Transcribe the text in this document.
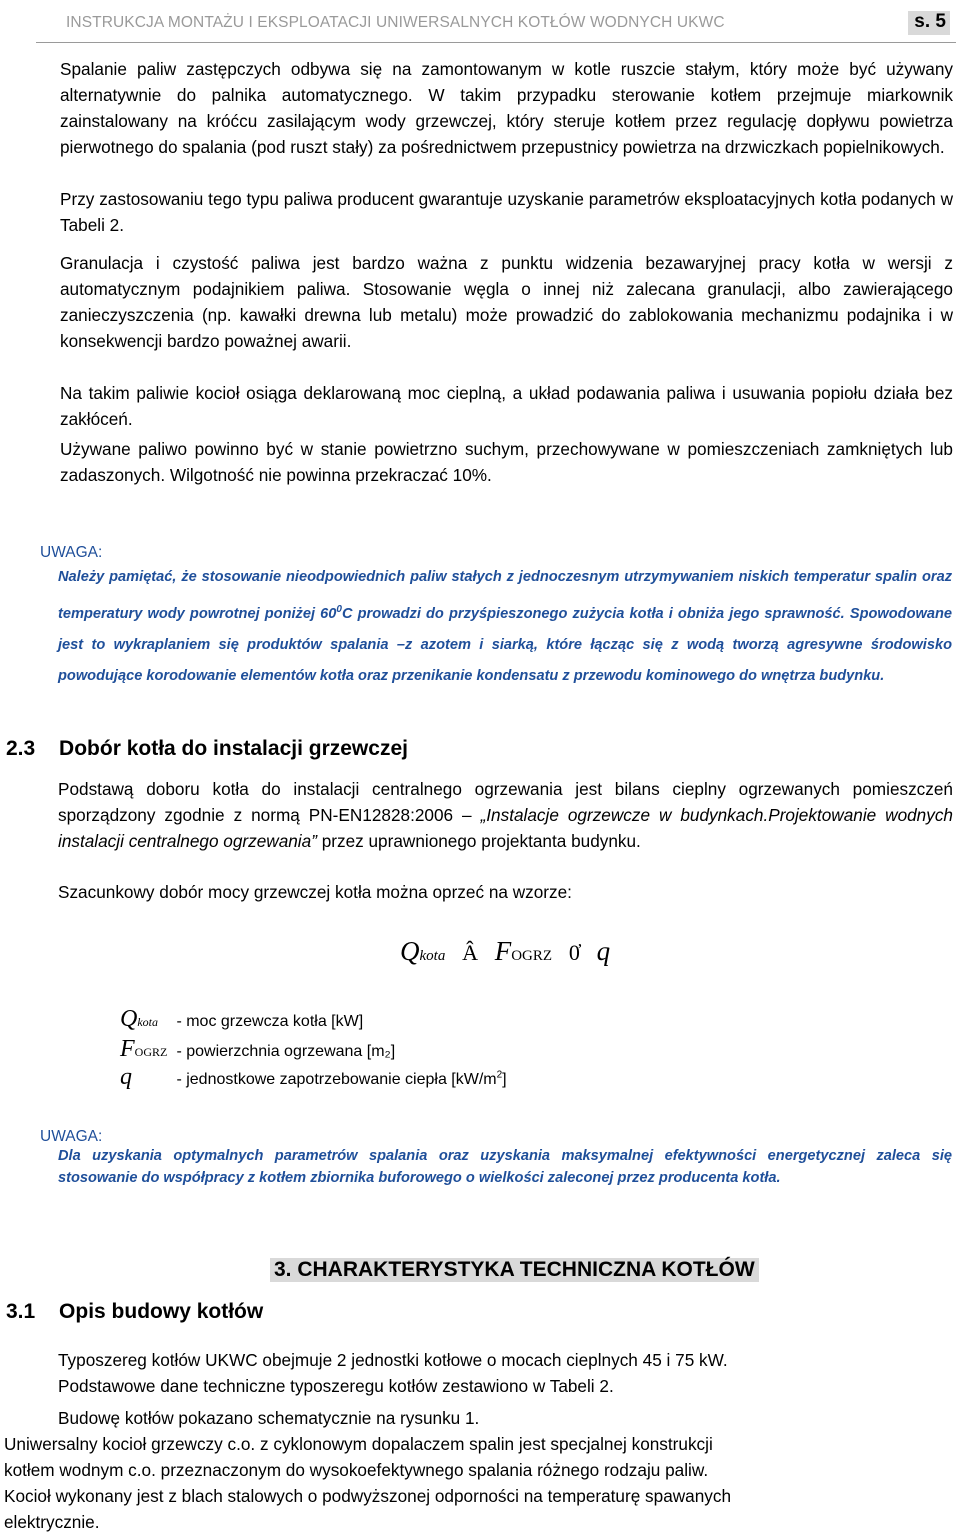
INSTRUKCJA MONTAŻU I EKSPLOATACJI UNIWERSALNYCH KOTŁÓW WODNYCH UKWC	s. 5

Spalanie paliw zastępczych odbywa się na zamontowanym w kotle ruszcie stałym, który może być używany alternatywnie do palnika automatycznego. W takim przypadku sterowanie kotłem przejmuje miarkownik zainstalowany na króćcu zasilającym wody grzewczej, który steruje kotłem przez regulację dopływu powietrza pierwotnego do spalania (pod ruszt stały) za pośrednictwem przepustnicy powietrza na drzwiczkach popielnikowych.

Przy zastosowaniu tego typu paliwa producent gwarantuje uzyskanie parametrów eksploatacyjnych kotła podanych w Tabeli 2.

Granulacja i czystość paliwa jest bardzo ważna z punktu widzenia bezawaryjnej pracy kotła w wersji z automatycznym podajnikiem paliwa. Stosowanie węgla o innej niż zalecana granulacji, albo zawierającego zanieczyszczenia (np. kawałki drewna lub metalu) może prowadzić do zablokowania mechanizmu podajnika i w konsekwencji bardzo poważnej awarii.

Na takim paliwie kocioł osiąga deklarowaną moc cieplną, a układ podawania paliwa i usuwania popiołu działa bez zakłóceń.

Używane paliwo powinno być w stanie powietrzno suchym, przechowywane w pomieszczeniach zamkniętych lub zadaszonych. Wilgotność nie powinna przekraczać 10%.

UWAGA:

Należy pamiętać, że stosowanie nieodpowiednich paliw stałych z jednoczesnym utrzymywaniem niskich temperatur spalin oraz temperatury wody powrotnej poniżej $60^0C$ prowadzi do przyśpieszonego zużycia kotła i obniża jego sprawność. Spowodowane jest to wykraplaniem się produktów spalania –z azotem i siarką, które łącząc się z wodą tworzą agresywne środowisko powodujące korodowanie elementów kotła oraz przenikanie kondensatu z przewodu kominowego do wnętrza budynku.

2.3 Dobór kotła do instalacji grzewczej

Podstawą doboru kotła do instalacji centralnego ogrzewania jest bilans cieplny ogrzewanych pomieszczeń sporządzony zgodnie z normą PN-EN12828:2006 – „Instalacje ogrzewcze w budynkach.Projektowanie wodnych instalacji centralnego ogrzewania” przez uprawnionego projektanta budynku.

Szacunkowy dobór mocy grzewczej kotła można oprzeć na wzorze:

Qkota Â FOGRZ 0̓ q
Qkota - moc grzewcza kotła [kW]
FOGRZ - powierzchnia ogrzewana [m₂]
q	- jednostkowe zapotrzebowanie ciepła $[kW/m^2]$

UWAGA:

Dla uzyskania optymalnych parametrów spalania oraz uzyskania maksymalnej efektywności energetycznej zaleca się stosowanie do współpracy z kotłem zbiornika buforowego o wielkości zaleconej przez producenta kotła.

3. CHARAKTERYSTYKA TECHNICZNA KOTŁÓW

3.1 Opis budowy kotłów

Typoszereg kotłów UKWC obejmuje 2 jednostki kotłowe o mocach cieplnych 45 i 75 kW.

Podstawowe dane techniczne typoszeregu kotłów zestawiono w Tabeli 2.

Budowę kotłów pokazano schematycznie na rysunku 1.

Uniwersalny kocioł grzewczy c.o. z cyklonowym dopalaczem spalin jest specjalnej konstrukcji

kotłem wodnym c.o. przeznaczonym do wysokoefektywnego spalania różnego rodzaju paliw.

Kocioł wykonany jest z blach stalowych o podwyższonej odporności na temperaturę spawanych

elektrycznie.
